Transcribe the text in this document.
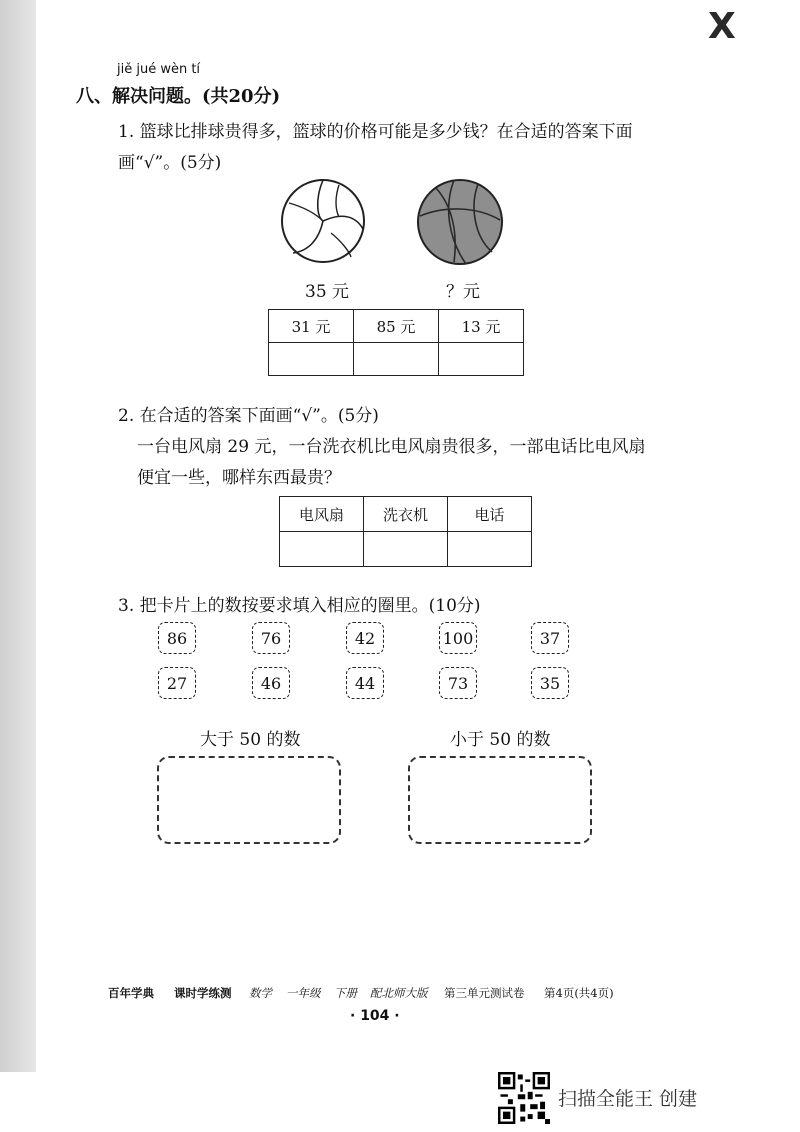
X
jiě jué wèn tí
八、解决问题。(共20分)
1. 篮球比排球贵得多，篮球的价格可能是多少钱？在合适的答案下面
画“√”。(5分)
35 元	？元
31 元	85 元	13 元

2. 在合适的答案下面画“√”。(5分)
一台电风扇 29 元，一台洗衣机比电风扇贵很多，一部电话比电风扇
便宜一些，哪样东西最贵？
电风扇	洗衣机	电话

3. 把卡片上的数按要求填入相应的圈里。(10分)
86	76	42	100	37
27	46	44	73	35
大于 50 的数	小于 50 的数
百年学典 课时学练测 数学 一年级 下册 配北师大版 第三单元测试卷 第4页(共4页)
· 104 ·
扫描全能王 创建
